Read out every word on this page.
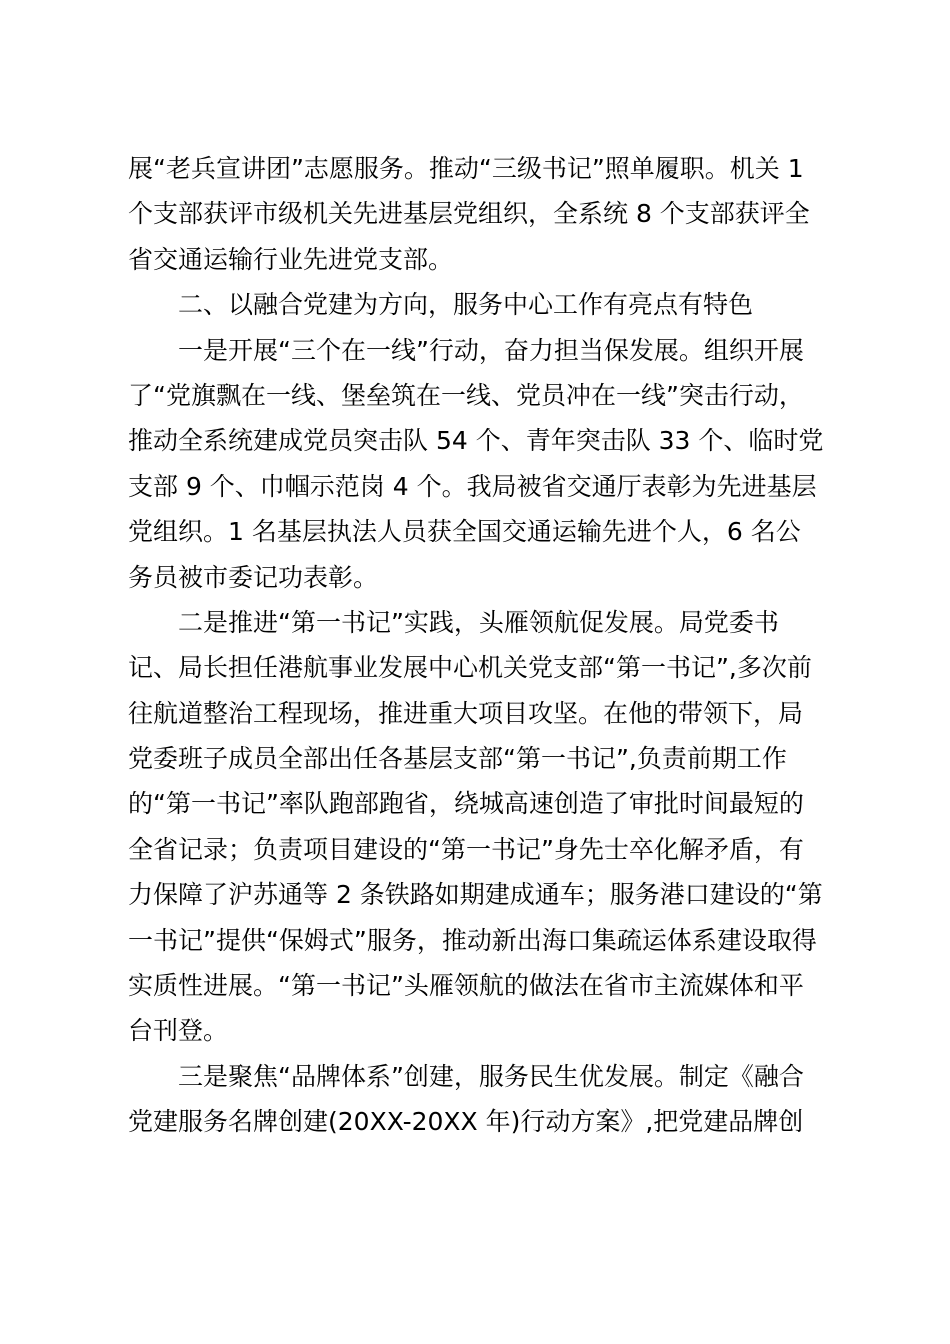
展“老兵宣讲团”志愿服务。推动“三级书记”照单履职。机关 1
个支部获评市级机关先进基层党组织，全系统 8 个支部获评全
省交通运输行业先进党支部。
二、以融合党建为方向，服务中心工作有亮点有特色
一是开展“三个在一线”行动，奋力担当保发展。组织开展
了“党旗飘在一线、堡垒筑在一线、党员冲在一线”突击行动，
推动全系统建成党员突击队 54 个、青年突击队 33 个、临时党
支部 9 个、巾帼示范岗 4 个。我局被省交通厅表彰为先进基层
党组织。1 名基层执法人员获全国交通运输先进个人，6 名公
务员被市委记功表彰。
二是推进“第一书记”实践，头雁领航促发展。局党委书
记、局长担任港航事业发展中心机关党支部“第一书记”,多次前
往航道整治工程现场，推进重大项目攻坚。在他的带领下，局
党委班子成员全部出任各基层支部“第一书记”,负责前期工作
的“第一书记”率队跑部跑省，绕城高速创造了审批时间最短的
全省记录；负责项目建设的“第一书记”身先士卒化解矛盾，有
力保障了沪苏通等 2 条铁路如期建成通车；服务港口建设的“第
一书记”提供“保姆式”服务，推动新出海口集疏运体系建设取得
实质性进展。“第一书记”头雁领航的做法在省市主流媒体和平
台刊登。
三是聚焦“品牌体系”创建，服务民生优发展。制定《融合
党建服务名牌创建(20XX-20XX 年)行动方案》,把党建品牌创
